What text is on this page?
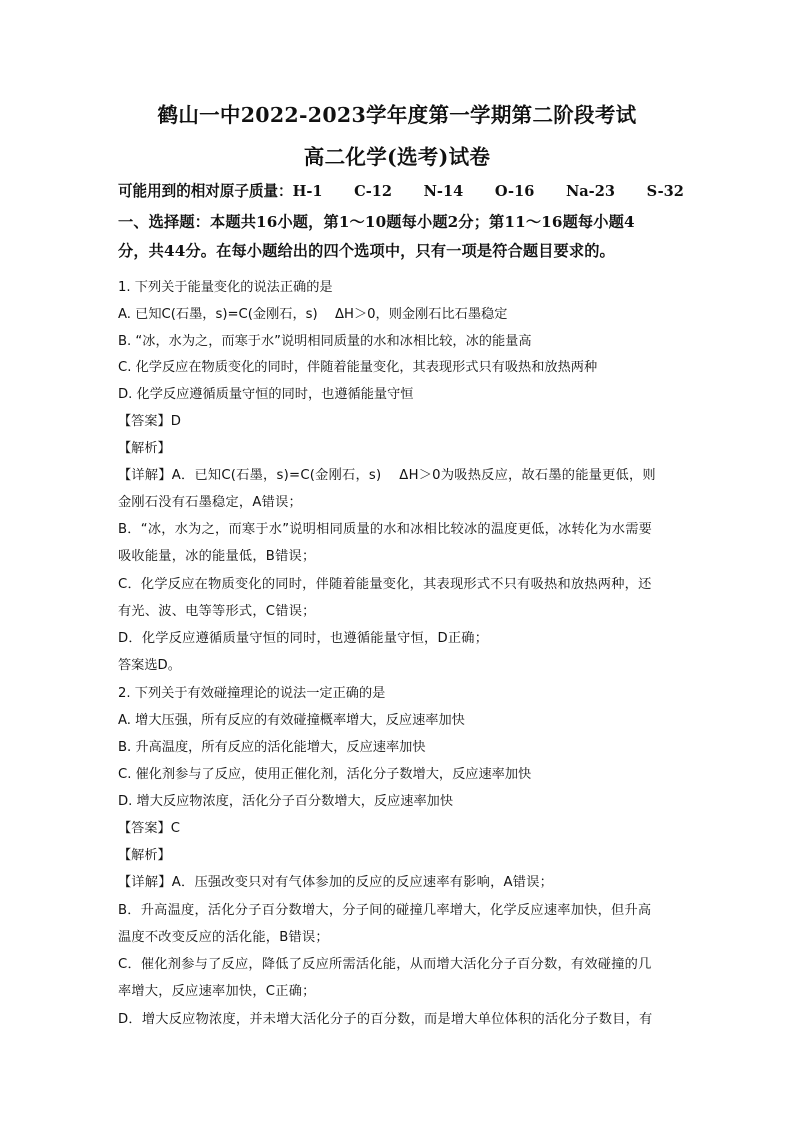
鹤山一中2022-2023学年度第一学期第二阶段考试
高二化学(选考)试卷
可能用到的相对原子质量：H-1 C-12 N-14 O-16 Na-23 S-32
一、选择题：本题共16小题，第1～10题每小题2分；第11～16题每小题4
分，共44分。在每小题给出的四个选项中，只有一项是符合题目要求的。
1. 下列关于能量变化的说法正确的是
A. 已知C(石墨，s)=C(金刚石，s)　 ΔH＞0，则金刚石比石墨稳定
B. “冰，水为之，而寒于水”说明相同质量的水和冰相比较，冰的能量高
C. 化学反应在物质变化的同时，伴随着能量变化，其表现形式只有吸热和放热两种
D. 化学反应遵循质量守恒的同时，也遵循能量守恒
【答案】D
【解析】
【详解】A．已知C(石墨，s)=C(金刚石，s)　 ΔH＞0为吸热反应，故石墨的能量更低，则
金刚石没有石墨稳定，A错误；
B．“冰，水为之，而寒于水”说明相同质量的水和冰相比较冰的温度更低，冰转化为水需要
吸收能量，冰的能量低，B错误；
C．化学反应在物质变化的同时，伴随着能量变化，其表现形式不只有吸热和放热两种，还
有光、波、电等等形式，C错误；
D．化学反应遵循质量守恒的同时，也遵循能量守恒，D正确；
答案选D。
2. 下列关于有效碰撞理论的说法一定正确的是
A. 增大压强，所有反应的有效碰撞概率增大，反应速率加快
B. 升高温度，所有反应的活化能增大，反应速率加快
C. 催化剂参与了反应，使用正催化剂，活化分子数增大，反应速率加快
D. 增大反应物浓度，活化分子百分数增大，反应速率加快
【答案】C
【解析】
【详解】A．压强改变只对有气体参加的反应的反应速率有影响，A错误；
B．升高温度，活化分子百分数增大，分子间的碰撞几率增大，化学反应速率加快，但升高
温度不改变反应的活化能，B错误；
C．催化剂参与了反应，降低了反应所需活化能，从而增大活化分子百分数，有效碰撞的几
率增大，反应速率加快，C正确；
D．增大反应物浓度，并未增大活化分子的百分数，而是增大单位体积的活化分子数目，有
